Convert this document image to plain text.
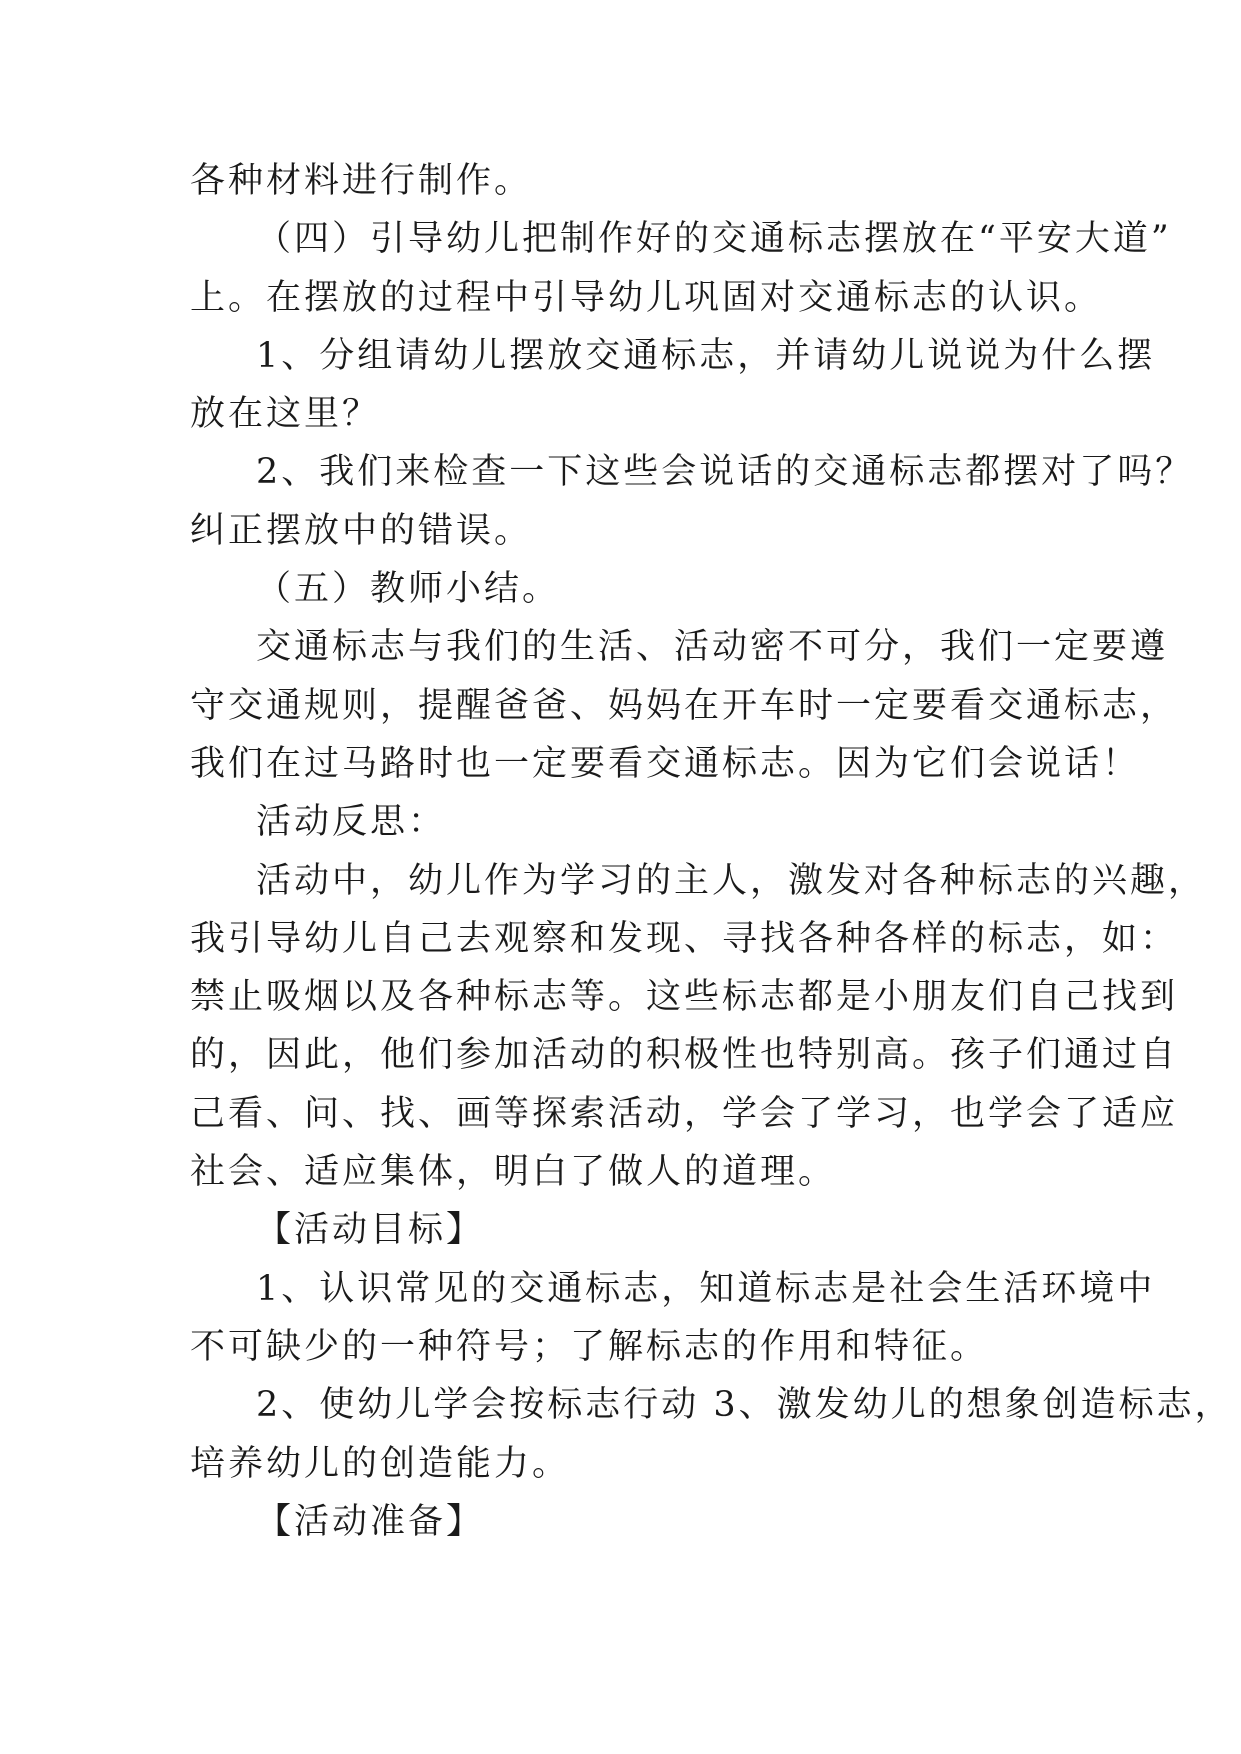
各种材料进行制作。
（四）引导幼儿把制作好的交通标志摆放在“平安大道”
上。在摆放的过程中引导幼儿巩固对交通标志的认识。
1、分组请幼儿摆放交通标志，并请幼儿说说为什么摆
放在这里？
2、我们来检查一下这些会说话的交通标志都摆对了吗？
纠正摆放中的错误。
（五）教师小结。
交通标志与我们的生活、活动密不可分，我们一定要遵
守交通规则，提醒爸爸、妈妈在开车时一定要看交通标志，
我们在过马路时也一定要看交通标志。因为它们会说话！
活动反思：
活动中，幼儿作为学习的主人，激发对各种标志的兴趣，
我引导幼儿自己去观察和发现、寻找各种各样的标志，如：
禁止吸烟以及各种标志等。这些标志都是小朋友们自己找到
的，因此，他们参加活动的积极性也特别高。孩子们通过自
己看、问、找、画等探索活动，学会了学习，也学会了适应
社会、适应集体，明白了做人的道理。
【活动目标】
1、认识常见的交通标志，知道标志是社会生活环境中
不可缺少的一种符号；了解标志的作用和特征。
2、使幼儿学会按标志行动 3、激发幼儿的想象创造标志，
培养幼儿的创造能力。
【活动准备】
